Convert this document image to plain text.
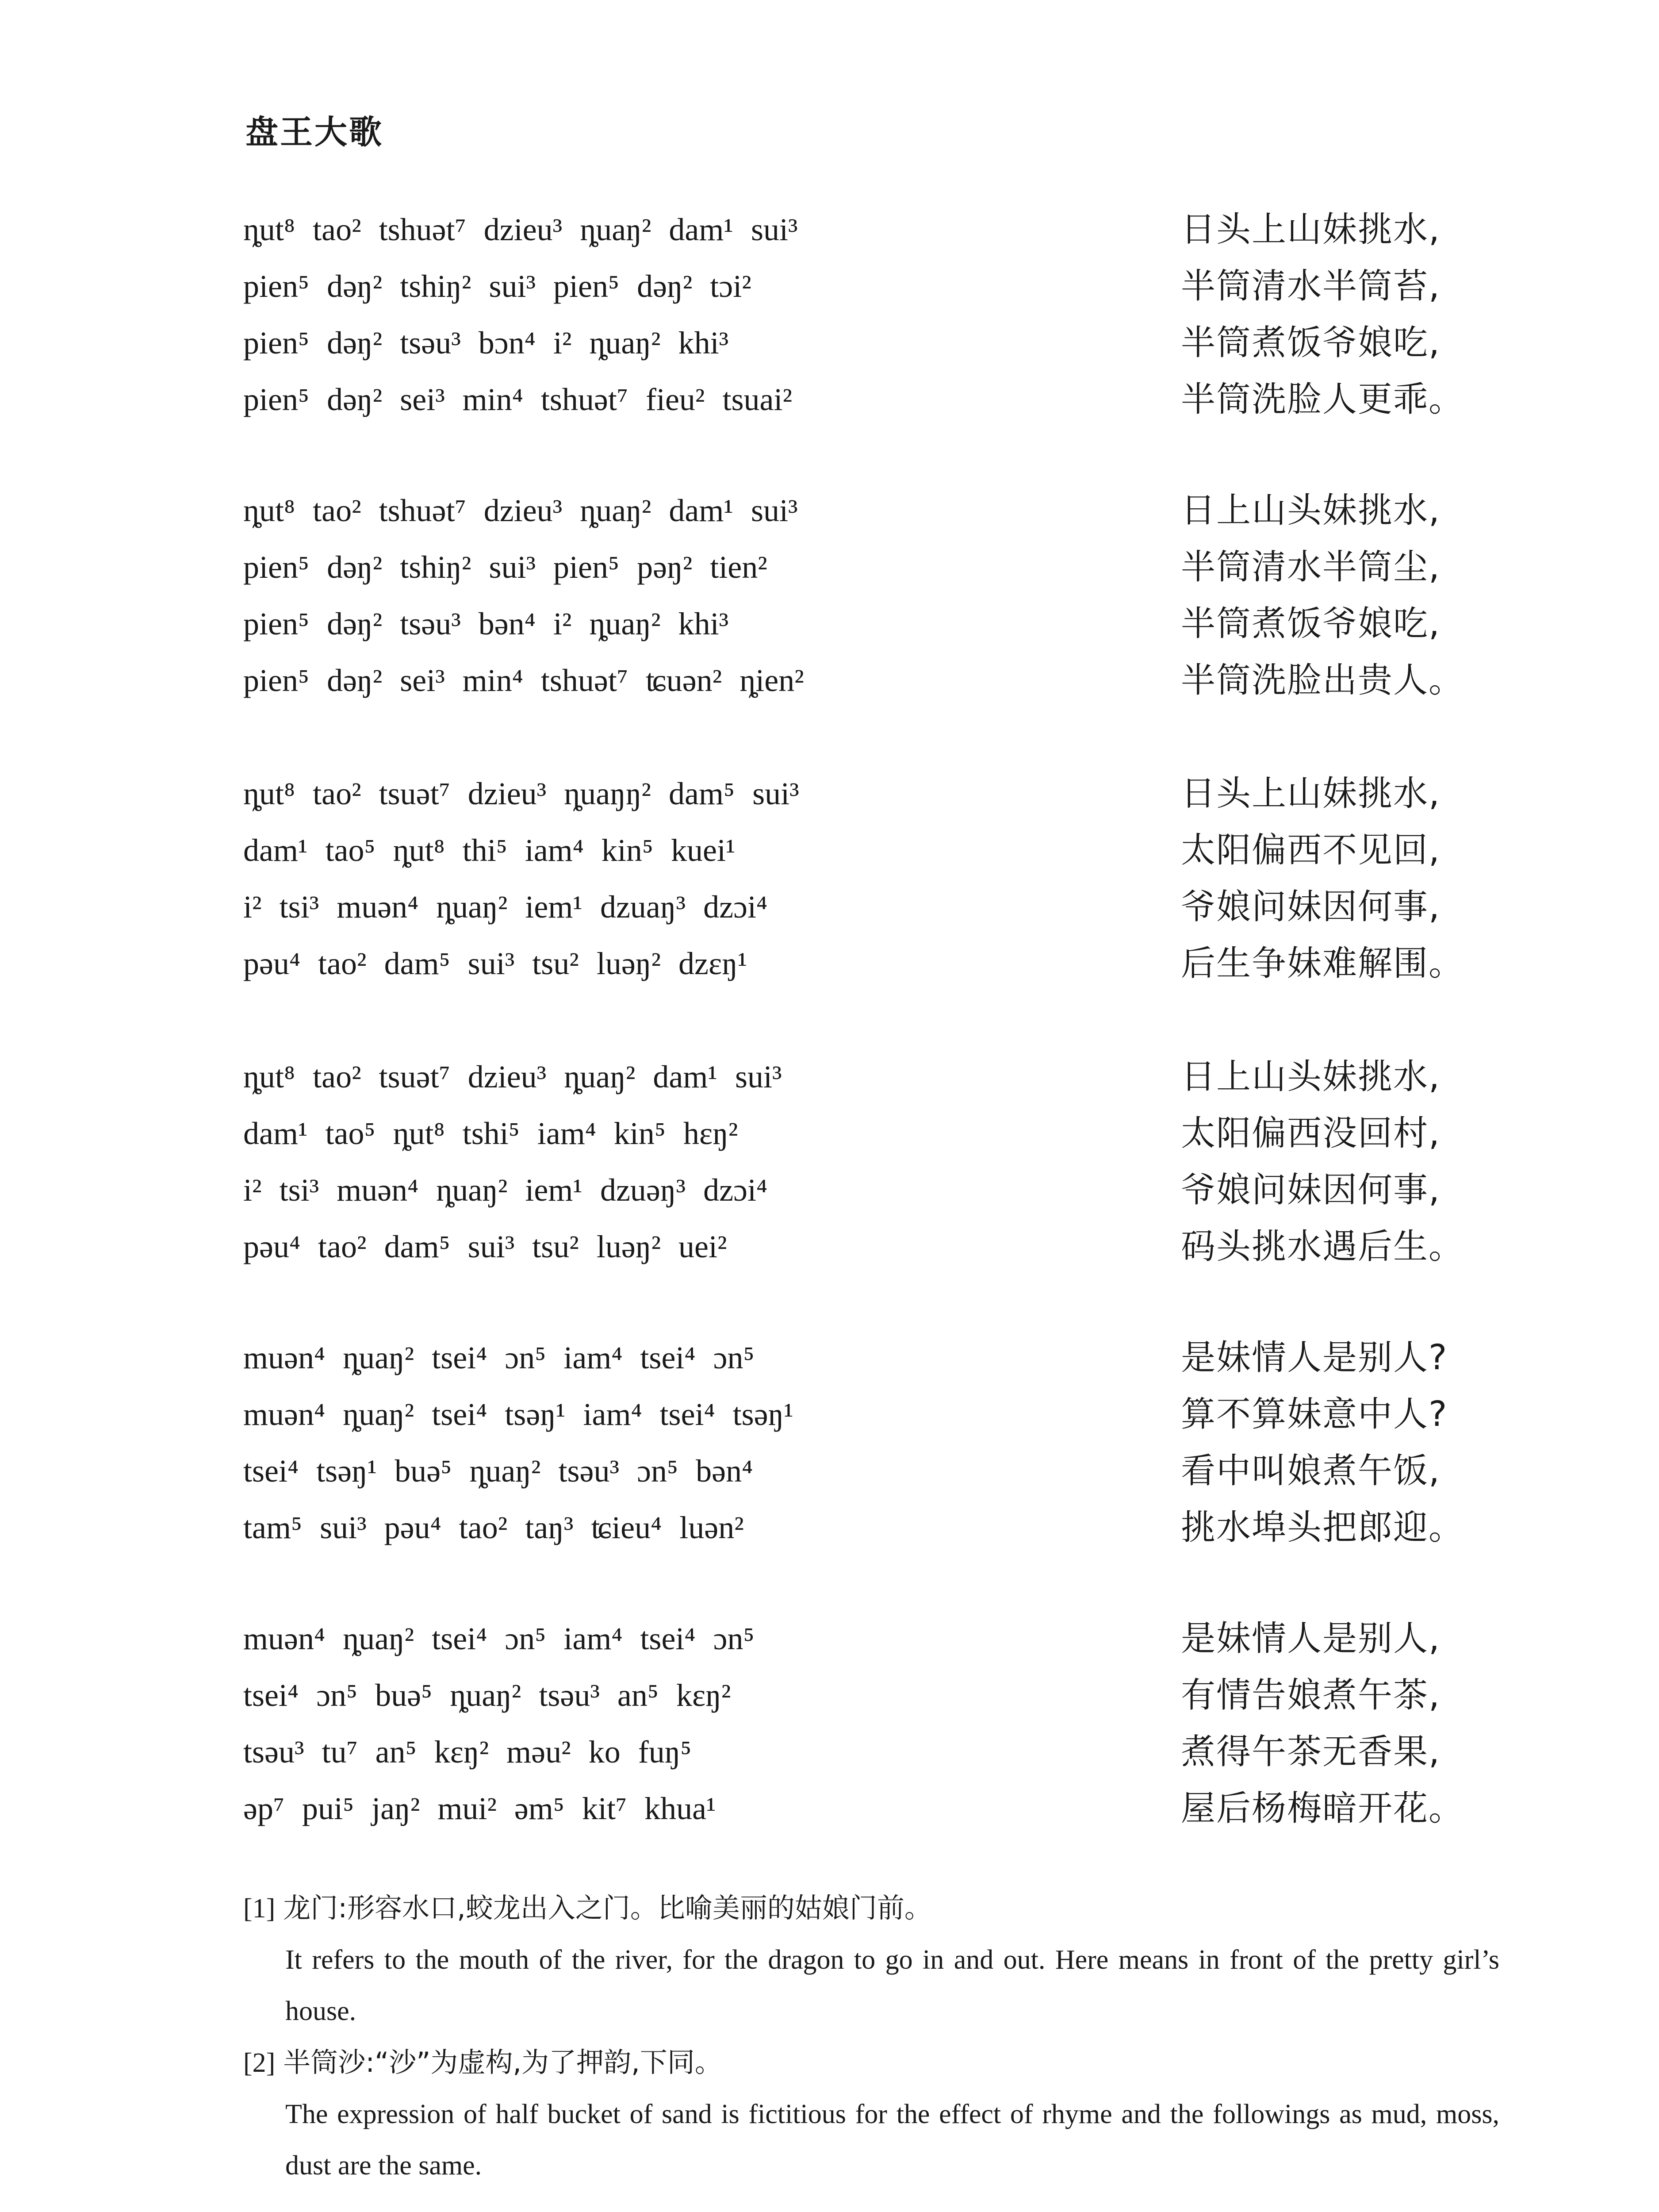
盘王大歌
ȵut⁸ tao² tshuət⁷ dzieu³ ȵuaŋ² dam¹ sui³	日头上山妹挑水,
pien⁵ dəŋ² tshiŋ² sui³ pien⁵ dəŋ² tɔi²	半筒清水半筒苔,
pien⁵ dəŋ² tsəu³ bɔn⁴ i² ȵuaŋ² khi³	半筒煮饭爷娘吃,
pien⁵ dəŋ² sei³ min⁴ tshuət⁷ fieu² tsuai²	半筒洗脸人更乖。
ȵut⁸ tao² tshuət⁷ dzieu³ ȵuaŋ² dam¹ sui³	日上山头妹挑水,
pien⁵ dəŋ² tshiŋ² sui³ pien⁵ pəŋ² tien²	半筒清水半筒尘,
pien⁵ dəŋ² tsəu³ bən⁴ i² ȵuaŋ² khi³	半筒煮饭爷娘吃,
pien⁵ dəŋ² sei³ min⁴ tshuət⁷ ʨuən² ȵien²	半筒洗脸出贵人。
ȵut⁸ tao² tsuət⁷ dzieu³ ȵuaŋŋ² dam⁵ sui³	日头上山妹挑水,
dam¹ tao⁵ ȵut⁸ thi⁵ iam⁴ kin⁵ kuei¹	太阳偏西不见回,
i² tsi³ muən⁴ ȵuaŋ² iem¹ dzuaŋ³ dzɔi⁴	爷娘问妹因何事,
pəu⁴ tao² dam⁵ sui³ tsu² luəŋ² dzɛŋ¹	后生争妹难解围。
ȵut⁸ tao² tsuət⁷ dzieu³ ȵuaŋ² dam¹ sui³	日上山头妹挑水,
dam¹ tao⁵ ȵut⁸ tshi⁵ iam⁴ kin⁵ hɛŋ²	太阳偏西没回村,
i² tsi³ muən⁴ ȵuaŋ² iem¹ dzuəŋ³ dzɔi⁴	爷娘问妹因何事,
pəu⁴ tao² dam⁵ sui³ tsu² luəŋ² uei²	码头挑水遇后生。
muən⁴ ȵuaŋ² tsei⁴ ɔn⁵ iam⁴ tsei⁴ ɔn⁵	是妹情人是别人?
muən⁴ ȵuaŋ² tsei⁴ tsəŋ¹ iam⁴ tsei⁴ tsəŋ¹	算不算妹意中人?
tsei⁴ tsəŋ¹ buə⁵ ȵuaŋ² tsəu³ ɔn⁵ bən⁴	看中叫娘煮午饭,
tam⁵ sui³ pəu⁴ tao² taŋ³ ʨieu⁴ luən²	挑水埠头把郎迎。
muən⁴ ȵuaŋ² tsei⁴ ɔn⁵ iam⁴ tsei⁴ ɔn⁵	是妹情人是别人,
tsei⁴ ɔn⁵ buə⁵ ȵuaŋ² tsəu³ an⁵ kɛŋ²	有情告娘煮午茶,
tsəu³ tu⁷ an⁵ kɛŋ² məu² ko fuŋ⁵	煮得午茶无香果,
əp⁷ pui⁵ jaŋ² mui² əm⁵ kit⁷ khua¹	屋后杨梅暗开花。
[1] 龙门:形容水口,蛟龙出入之门。比喻美丽的姑娘门前。
It refers to the mouth of the river, for the dragon to go in and out. Here means in front of the pretty girl’s house.
[2] 半筒沙:“沙”为虚构,为了押韵,下同。
The expression of half bucket of sand is fictitious for the effect of rhyme and the followings as mud, moss, dust are the same.
